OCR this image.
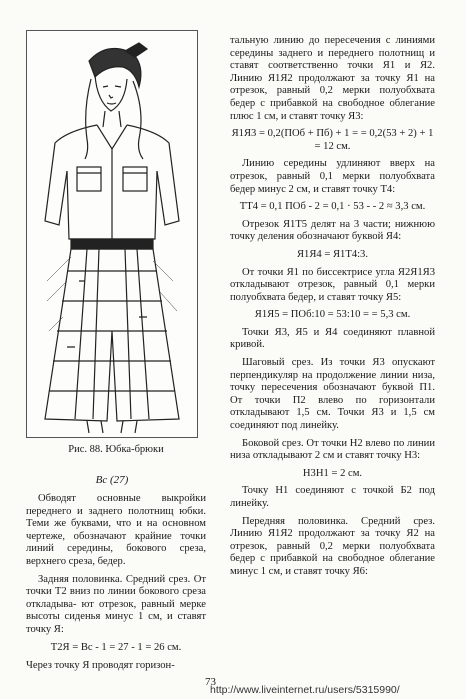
Рис. 88. Юбка-брюки
Вс (27)

Обводят основные выкройки переднего и заднего полотнищ юбки. Теми же буквами, что и на основном чертеже, обозначают крайние точки линий середины, бокового среза, верхнего среза, бедер.

Задняя половинка. Средний срез. От точки Т2 вниз по линии бокового среза откладыва- ют отрезок, равный мерке высоты сиденья минус 1 см, и ставят точку Я:

Т2Я = Вс - 1 = 27 - 1 = 26 см.

Через точку Я проводят горизон-

тальную линию до пересечения с линиями середины заднего и переднего полотнищ и ставят соответственно точки Я1 и Я2. Линию Я1Я2 продолжают за точку Я1 на отрезок, равный 0,2 мерки полуобхвата бедер с прибавкой на свободное облегание плюс 1 см, и ставят точку Я3:

Я1Я3 = 0,2(ПОб + Пб) + 1 = = 0,2(53 + 2) + 1 = 12 см.

Линию середины удлиняют вверх на отрезок, равный 0,1 мерки полуобхвата бедер минус 2 см, и ставят точку Т4:

ТТ4 = 0,1 ПОб - 2 = 0,1 · 53 - - 2 ≈ 3,3 см.

Отрезок Я1Т5 делят на 3 части; нижнюю точку деления обозначают буквой Я4:

Я1Я4 = Я1Т4:3.

От точки Я1 по биссектрисе угла Я2Я1Я3 откладывают отрезок, равный 0,1 мерки полуобхвата бедер, и ставят точку Я5:

Я1Я5 = ПОб:10 = 53:10 = = 5,3 см.

Точки Я3, Я5 и Я4 соединяют плавной кривой.

Шаговый срез. Из точки Я3 опускают перпендикуляр на продолжение линии низа, точку пересечения обозначают буквой П1. От точки П2 влево по горизонтали откладывают 1,5 см. Точки Я3 и 1,5 см соединяют под линейку.

Боковой срез. От точки Н2 влево по линии низа откладывают 2 см и ставят точку Н3:

Н3Н1 = 2 см.

Точку Н1 соединяют с точкой Б2 под линейку.

Передняя половинка. Средний срез. Линию Я1Я2 продолжают за точку Я2 на отрезок, равный 0,2 мерки полуобхвата бедер с прибавкой на свободное облегание минус 1 см, и ставят точку Я6:

73
http://www.liveinternet.ru/users/5315990/
